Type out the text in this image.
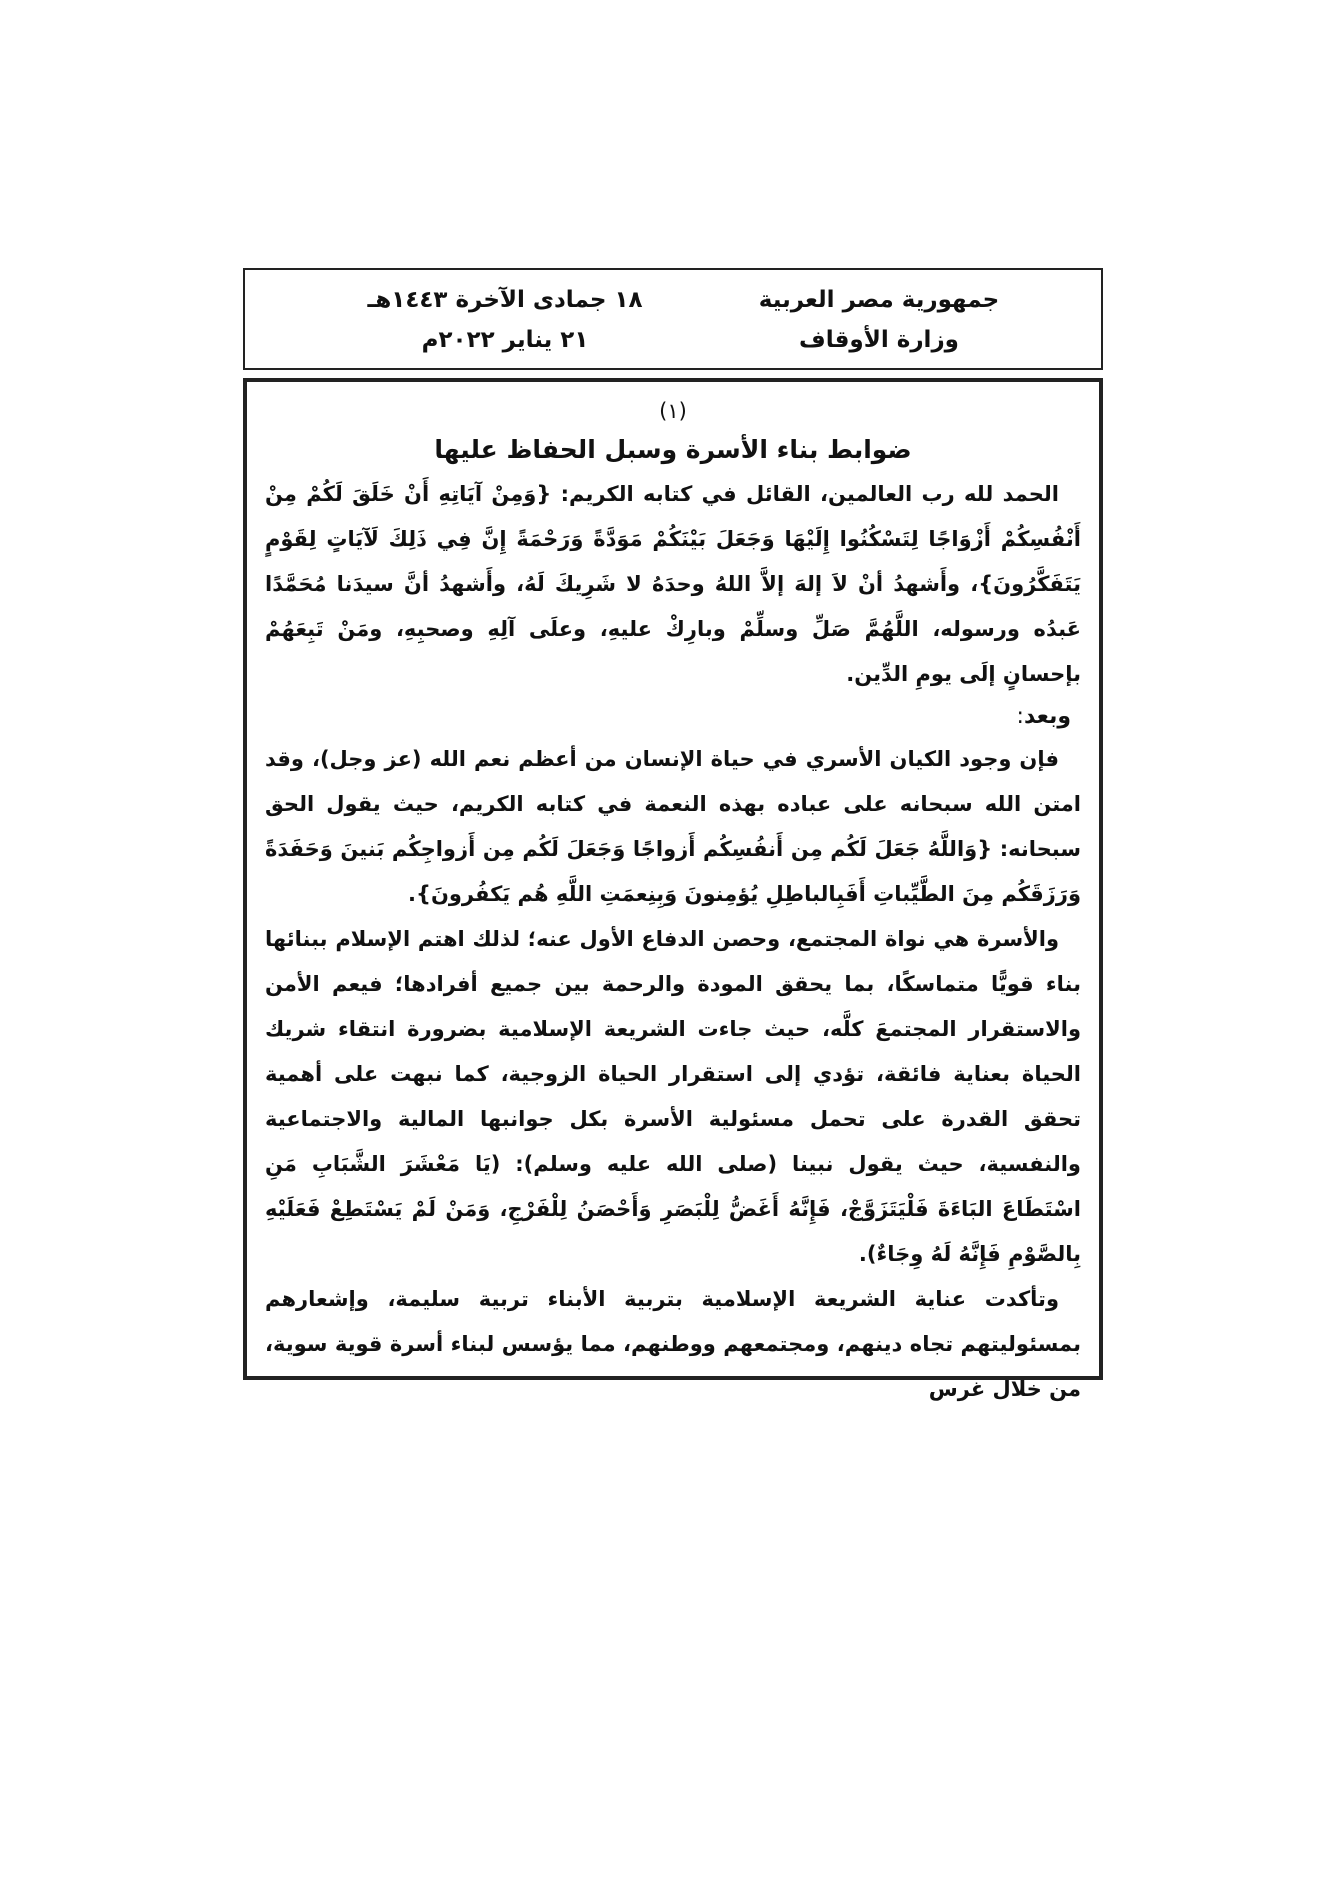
جمهورية مصر العربية
وزارة الأوقاف
١٨ جمادى الآخرة ١٤٤٣هـ
٢١ يناير ٢٠٢٢م
(١)
ضوابط بناء الأسرة وسبل الحفاظ عليها

الحمد لله رب العالمين، القائل في كتابه الكريم: {وَمِنْ آيَاتِهِ أَنْ خَلَقَ لَكُمْ مِنْ أَنْفُسِكُمْ أَزْوَاجًا لِتَسْكُنُوا إِلَيْهَا وَجَعَلَ بَيْنَكُمْ مَوَدَّةً وَرَحْمَةً إِنَّ فِي ذَلِكَ لَآيَاتٍ لِقَوْمٍ يَتَفَكَّرُونَ}، وأَشهدُ أنْ لاَ إلهَ إلاَّ اللهُ وحدَهُ لا شَرِيكَ لَهُ، وأَشهدُ أنَّ سيدَنا مُحَمَّدًا عَبدُه ورسوله، اللَّهُمَّ صَلِّ وسلِّمْ وبارِكْ عليهِ، وعلَى آلِهِ وصحبِهِ، ومَنْ تَبِعَهُمْ بإحسانٍ إلَى يومِ الدِّين.

وبعد:

فإن وجود الكيان الأسري في حياة الإنسان من أعظم نعم الله (عز وجل)، وقد امتن الله سبحانه على عباده بهذه النعمة في كتابه الكريم، حيث يقول الحق سبحانه: {وَاللَّهُ جَعَلَ لَكُم مِن أَنفُسِكُم أَزواجًا وَجَعَلَ لَكُم مِن أَزواجِكُم بَنينَ وَحَفَدَةً وَرَزَقَكُم مِنَ الطَّيِّباتِ أَفَبِالباطِلِ يُؤمِنونَ وَبِنِعمَتِ اللَّهِ هُم يَكفُرونَ}.

والأسرة هي نواة المجتمع، وحصن الدفاع الأول عنه؛ لذلك اهتم الإسلام ببنائها بناء قويًّا متماسكًا، بما يحقق المودة والرحمة بين جميع أفرادها؛ فيعم الأمن والاستقرار المجتمعَ كلَّه، حيث جاءت الشريعة الإسلامية بضرورة انتقاء شريك الحياة بعناية فائقة، تؤدي إلى استقرار الحياة الزوجية، كما نبهت على أهمية تحقق القدرة على تحمل مسئولية الأسرة بكل جوانبها المالية والاجتماعية والنفسية، حيث يقول نبينا (صلى الله عليه وسلم): (يَا مَعْشَرَ الشَّبَابِ مَنِ اسْتَطَاعَ البَاءَةَ فَلْيَتَزَوَّجْ، فَإِنَّهُ أَغَضُّ لِلْبَصَرِ وَأَحْصَنُ لِلْفَرْجِ، وَمَنْ لَمْ يَسْتَطِعْ فَعَلَيْهِ بِالصَّوْمِ فَإِنَّهُ لَهُ وِجَاءٌ).

وتأكدت عناية الشريعة الإسلامية بتربية الأبناء تربية سليمة، وإشعارهم بمسئوليتهم تجاه دينهم، ومجتمعهم ووطنهم، مما يؤسس لبناء أسرة قوية سوية، من خلال غرس
